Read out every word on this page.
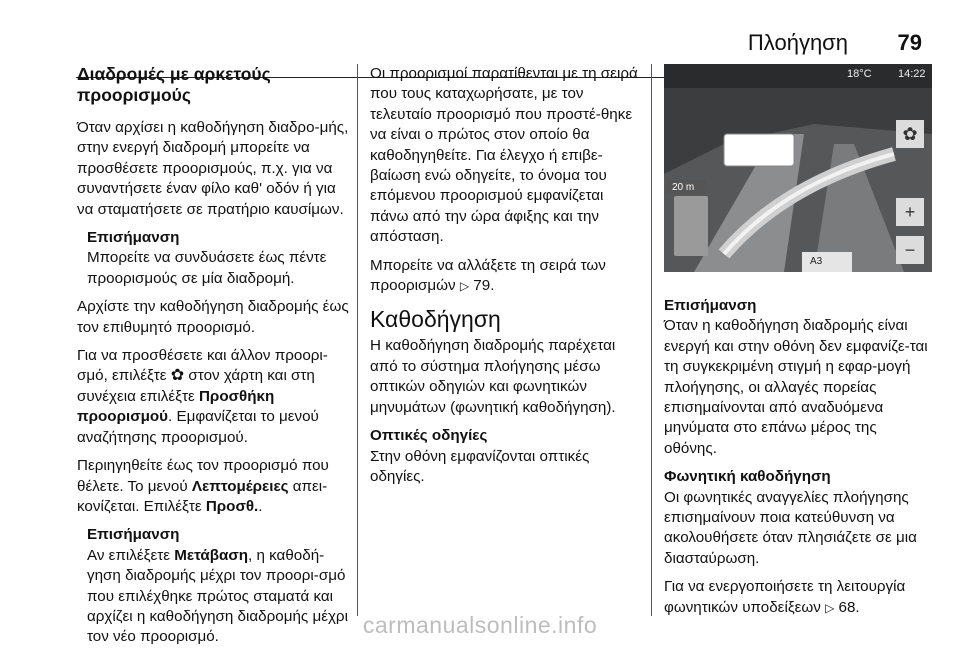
Πλοήγηση 79
Διαδρομές με αρκετούς προορισμούς

Όταν αρχίσει η καθοδήγηση διαδρο-μής, στην ενεργή διαδρομή μπορείτε να προσθέσετε προορισμούς, π.χ. για να συναντήσετε έναν φίλο καθ' οδόν ή για να σταματήσετε σε πρατήριο καυσίμων.

Επισήμανση
Μπορείτε να συνδυάσετε έως πέντε προορισμούς σε μία διαδρομή.

Αρχίστε την καθοδήγηση διαδρομής έως τον επιθυμητό προορισμό.

Για να προσθέσετε και άλλον προορι-σμό, επιλέξτε ✿ στον χάρτη και στη συνέχεια επιλέξτε Προσθήκη προορισμού. Εμφανίζεται το μενού αναζήτησης προορισμού.

Περιηγηθείτε έως τον προορισμό που θέλετε. Το μενού Λεπτομέρειες απει-κονίζεται. Επιλέξτε Προσθ..

Επισήμανση
Αν επιλέξετε Μετάβαση, η καθοδή-γηση διαδρομής μέχρι τον προορι-σμό που επιλέχθηκε πρώτος σταματά και αρχίζει η καθοδήγηση διαδρομής μέχρι τον νέο προορισμό.

Οι προορισμοί παρατίθενται με τη σειρά που τους καταχωρήσατε, με τον τελευταίο προορισμό που προστέ-θηκε να είναι ο πρώτος στον οποίο θα καθοδηγηθείτε. Για έλεγχο ή επιβε-βαίωση ενώ οδηγείτε, το όνομα του επόμενου προορισμού εμφανίζεται πάνω από την ώρα άφιξης και την απόσταση.

Μπορείτε να αλλάξετε τη σειρά των προορισμών ▷ 79.

Καθοδήγηση

Η καθοδήγηση διαδρομής παρέχεται από το σύστημα πλοήγησης μέσω οπτικών οδηγιών και φωνητικών μηνυμάτων (φωνητική καθοδήγηση).

Οπτικές οδηγίες

Στην οθόνη εμφανίζονται οπτικές οδηγίες.

18°C 14:22
20 m
A3
✿
+
−
Επισήμανση
Όταν η καθοδήγηση διαδρομής είναι ενεργή και στην οθόνη δεν εμφανίζε-ται τη συγκεκριμένη στιγμή η εφαρ-μογή πλοήγησης, οι αλλαγές πορείας επισημαίνονται από αναδυόμενα μηνύματα στο επάνω μέρος της οθόνης.
Φωνητική καθοδήγηση

Οι φωνητικές αναγγελίες πλοήγησης επισημαίνουν ποια κατεύθυνση να ακολουθήσετε όταν πλησιάζετε σε μια διασταύρωση.

Για να ενεργοποιήσετε τη λειτουργία φωνητικών υποδείξεων ▷ 68.

carmanualsonline.info
